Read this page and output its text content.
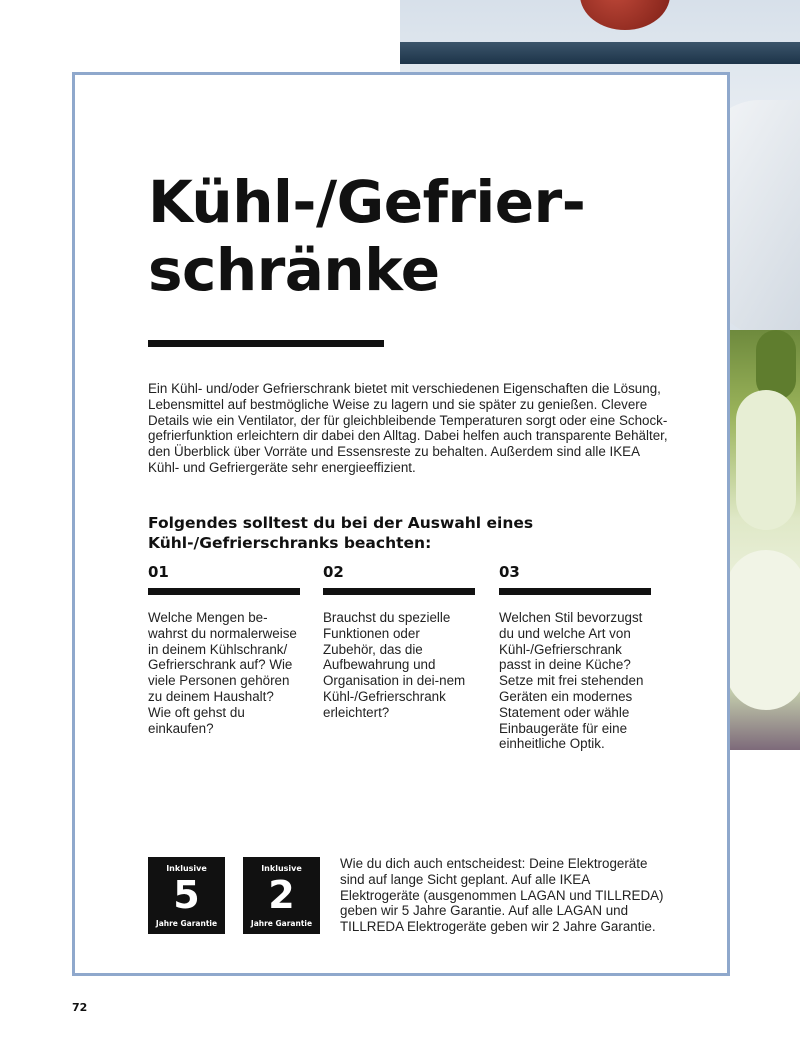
Kühl-/Gefrier-
schränke

Ein Kühl- und/oder Gefrierschrank bietet mit verschiedenen Eigenschaften die Lösung, Lebensmittel auf bestmögliche Weise zu lagern und sie später zu genießen. Clevere Details wie ein Ventilator, der für gleichbleibende Temperaturen sorgt oder eine Schock-gefrierfunktion erleichtern dir dabei den Alltag. Dabei helfen auch transparente Behälter, den Überblick über Vorräte und Essensreste zu behalten. Außerdem sind alle IKEA Kühl- und Gefriergeräte sehr energieeffizient.

Folgendes solltest du bei der Auswahl eines Kühl-/Gefrierschranks beachten:
01

Welche Mengen be-wahrst du normalerweise in deinem Kühlschrank/ Gefrierschrank auf? Wie viele Personen gehören zu deinem Haushalt? Wie oft gehst du einkaufen?

02

Brauchst du spezielle Funktionen oder Zubehör, das die Aufbewahrung und Organisation in dei-nem Kühl-/Gefrierschrank erleichtert?

03

Welchen Stil bevorzugst du und welche Art von Kühl-/Gefrierschrank passt in deine Küche? Setze mit frei stehenden Geräten ein modernes Statement oder wähle Einbaugeräte für eine einheitliche Optik.

Inklusive
5
Jahre Garantie
Inklusive
2
Jahre Garantie

Wie du dich auch entscheidest: Deine Elektrogeräte sind auf lange Sicht geplant. Auf alle IKEA Elektrogeräte (ausgenommen LAGAN und TILLREDA) geben wir 5 Jahre Garantie. Auf alle LAGAN und TILLREDA Elektrogeräte geben wir 2 Jahre Garantie.

72
